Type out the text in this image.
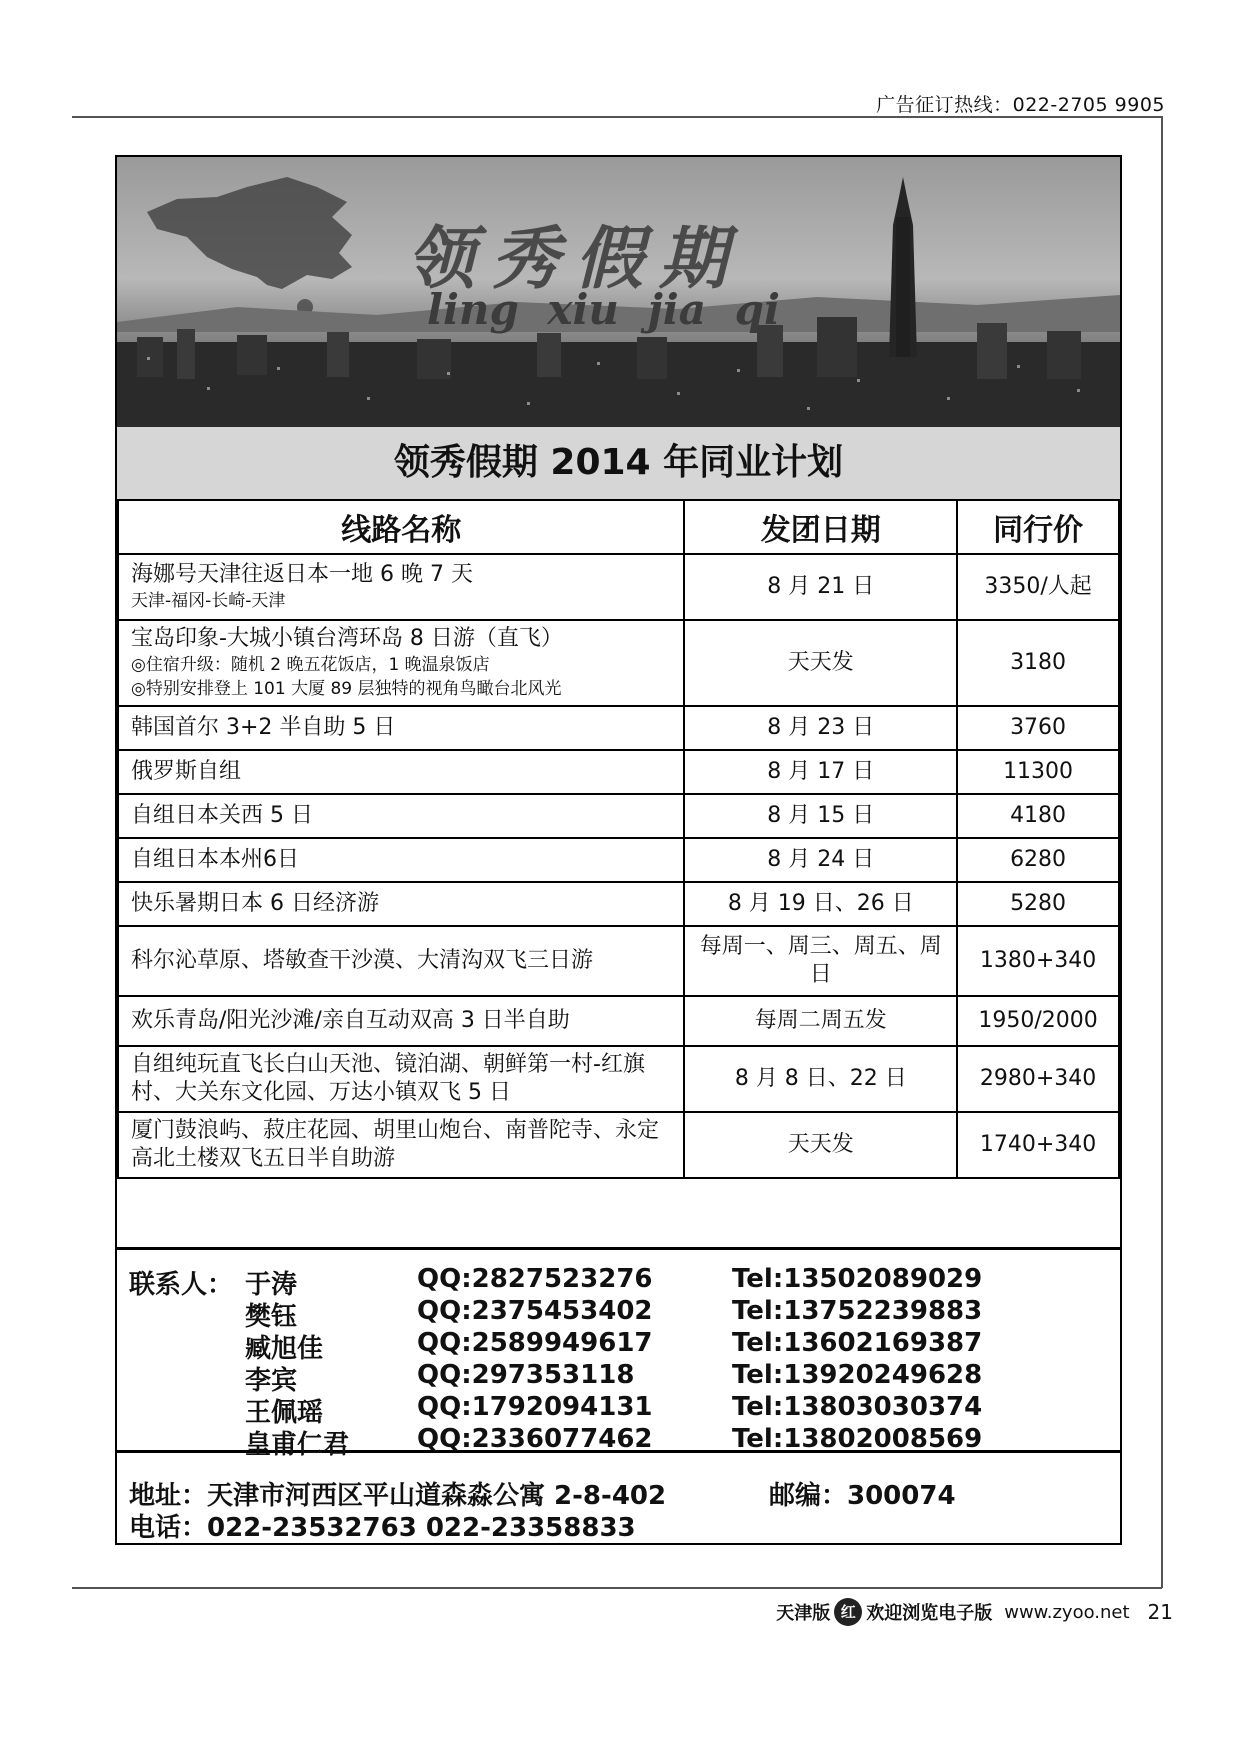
广告征订热线：022-2705 9905
领秀假期
ling xiu jia qi
领秀假期 2014 年同业计划
线路名称	发团日期	同行价
海娜号天津往返日本一地 6 晚 7 天
天津-福冈-长崎-天津	8 月 21 日	3350/人起
宝岛印象-大城小镇台湾环岛 8 日游（直飞）
◎住宿升级：随机 2 晚五花饭店，1 晚温泉饭店
◎特别安排登上 101 大厦 89 层独特的视角鸟瞰台北风光	天天发	3180
韩国首尔 3+2 半自助 5 日	8 月 23 日	3760
俄罗斯自组	8 月 17 日	11300
自组日本关西 5 日	8 月 15 日	4180
自组日本本州6日	8 月 24 日	6280
快乐暑期日本 6 日经济游	8 月 19 日、26 日	5280
科尔沁草原、塔敏查干沙漠、大清沟双飞三日游	每周一、周三、周五、周日	1380+340
欢乐青岛/阳光沙滩/亲自互动双高 3 日半自助	每周二周五发	1950/2000
自组纯玩直飞长白山天池、镜泊湖、朝鲜第一村-红旗村、大关东文化园、万达小镇双飞 5 日	8 月 8 日、22 日	2980+340
厦门鼓浪屿、菽庄花园、胡里山炮台、南普陀寺、永定高北土楼双飞五日半自助游	天天发	1740+340
联系人： 于涛	QQ:2827523276	Tel:13502089029
樊钰	QQ:2375453402	Tel:13752239883
臧旭佳	QQ:2589949617	Tel:13602169387
李宾	QQ:297353118	Tel:13920249628
王佩瑶	QQ:1792094131	Tel:13803030374
皇甫仁君	QQ:2336077462	Tel:13802008569
地址：天津市河西区平山道森淼公寓 2-8-402	邮编：300074
电话：022-23532763 022-23358833
天津版 红 欢迎浏览电子版 www.zyoo.net 21
